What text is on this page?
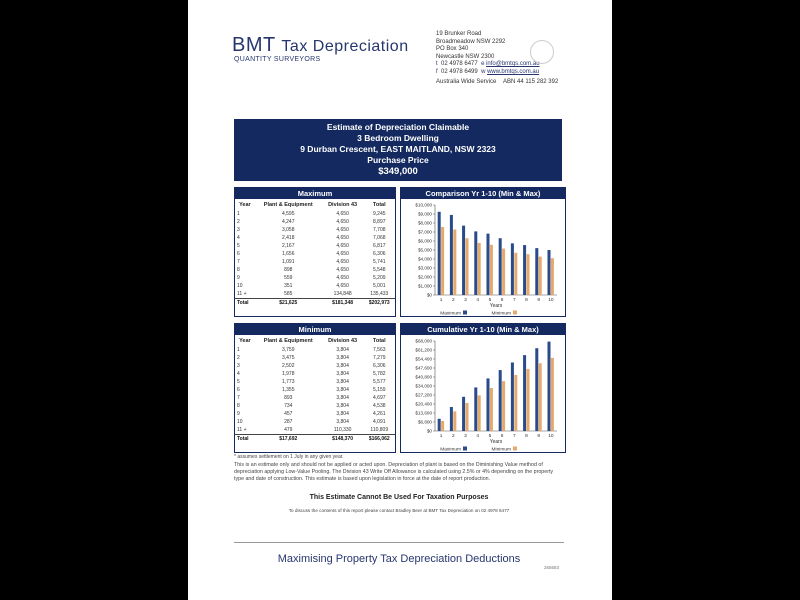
BMT Tax Depreciation
QUANTITY SURVEYORS
19 Brunker Road
Broadmeadow NSW 2292
PO Box 340
Newcastle NSW 2300
t 02 4978 6477 e info@bmtqs.com.au
f 02 4978 6499 w www.bmtqs.com.au
Australia Wide Service ABN 44 115 282 392
Estimate of Depreciation Claimable
3 Bedroom Dwelling
9 Durban Crescent, EAST MAITLAND, NSW 2323
Purchase Price
$349,000
Maximum
Year	Plant & Equipment	Division 43	Total
1	4,595	4,650	9,245
2	4,247	4,650	8,897
3	3,058	4,650	7,708
4	2,418	4,650	7,068
5	2,167	4,650	6,817
6	1,656	4,650	6,306
7	1,091	4,650	5,741
8	898	4,650	5,548
9	559	4,650	5,209
10	351	4,650	5,001
11 +	585	134,848	135,433
Total	$21,625	$181,348	$202,973
Comparison Yr 1-10 (Min & Max)
$0
$1,000
$2,000
$3,000
$4,000
$5,000
$6,000
$7,000
$8,000
$9,000
$10,000
1 2 3 4 5 6 7 8 9 10
Years
Maximum	Minimum
Minimum
Year	Plant & Equipment	Division 43	Total
1	3,759	3,804	7,563
2	3,475	3,804	7,279
3	2,502	3,804	6,306
4	1,978	3,804	5,782
5	1,773	3,804	5,577
6	1,355	3,804	5,159
7	893	3,804	4,697
8	734	3,804	4,538
9	457	3,804	4,261
10	287	3,804	4,091
11 +	479	110,330	110,809
Total	$17,692	$148,370	$166,062
Cumulative Yr 1-10 (Min & Max)
$0
$6,800
$13,600
$20,400
$27,200
$34,000
$40,800
$47,600
$54,400
$61,200
$68,000
1 2 3 4 5 6 7 8 9 10
Years
Maximum	Minimum
* assumes settlement on 1 July in any given year.
This is an estimate only and should not be applied or acted upon. Depreciation of plant is based on the Diminishing Value method of depreciation applying Low-Value Pooling. The Division 43 Write Off Allowance is calculated using 2.5% or 4% depending on the property type and date of construction. This estimate is based upon legislation in force at the date of report production.
This Estimate Cannot Be Used For Taxation Purposes
To discuss the contents of this report please contact Bradley Beer at BMT Tax Depreciation on 02 4978 6477
Maximising Property Tax Depreciation Deductions
265683
